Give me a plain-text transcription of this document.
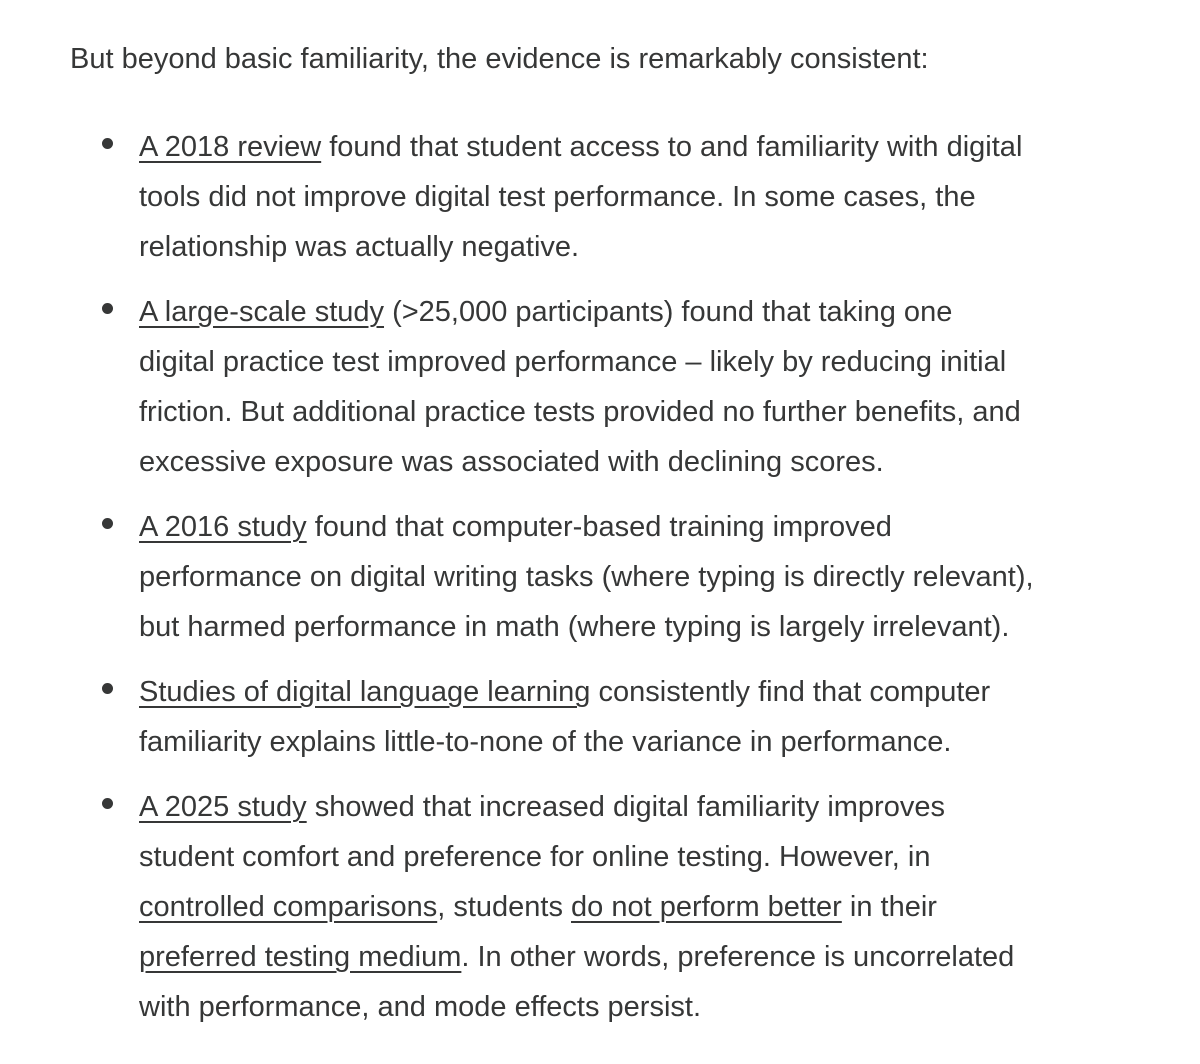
But beyond basic familiarity, the evidence is remarkably consistent:

A 2018 review found that student access to and familiarity with digital
tools did not improve digital test performance. In some cases, the
relationship was actually negative.
A large-scale study (>25,000 participants) found that taking one
digital practice test improved performance – likely by reducing initial
friction. But additional practice tests provided no further benefits, and
excessive exposure was associated with declining scores.
A 2016 study found that computer-based training improved
performance on digital writing tasks (where typing is directly relevant),
but harmed performance in math (where typing is largely irrelevant).
Studies of digital language learning consistently find that computer
familiarity explains little-to-none of the variance in performance.
A 2025 study showed that increased digital familiarity improves
student comfort and preference for online testing. However, in
controlled comparisons, students do not perform better in their
preferred testing medium. In other words, preference is uncorrelated
with performance, and mode effects persist.
